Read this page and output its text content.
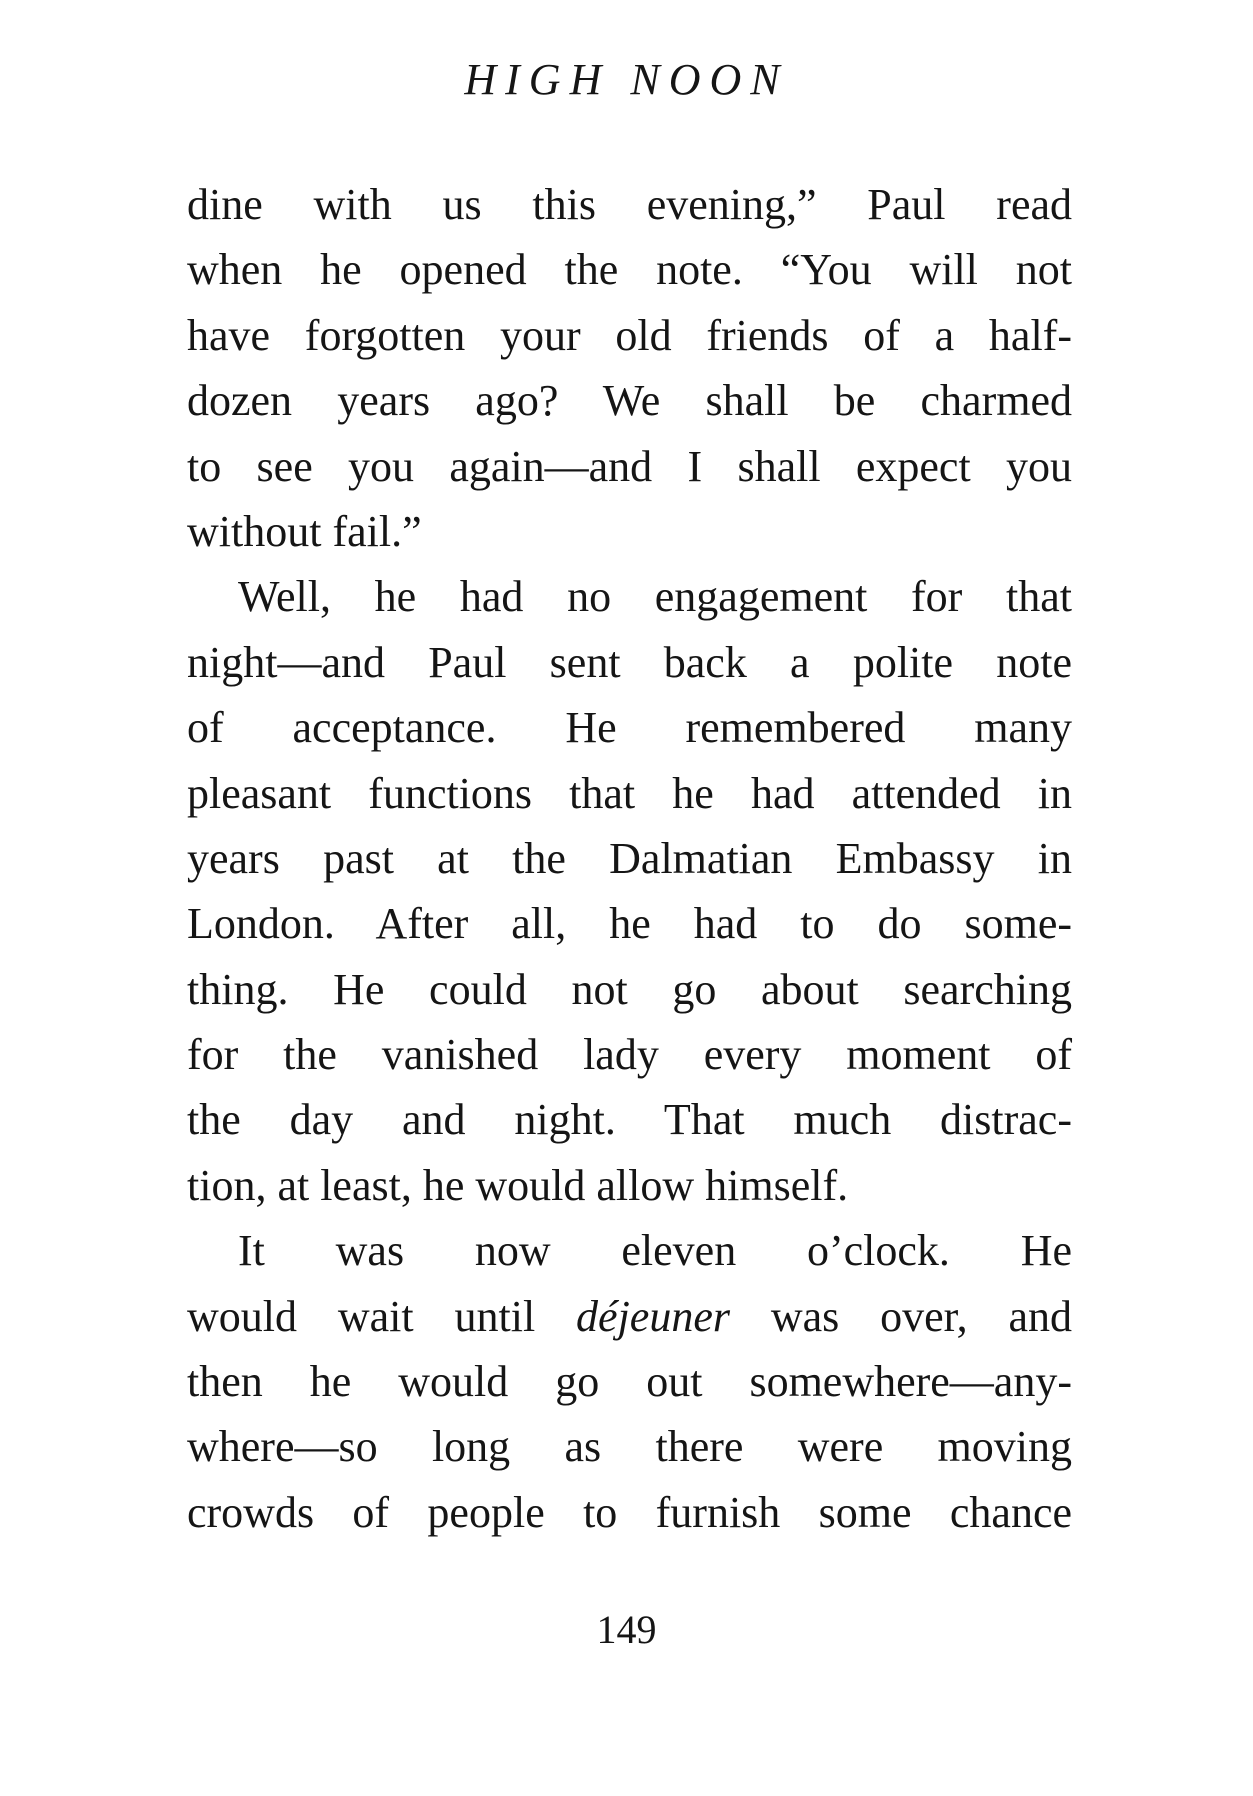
HIGH NOON
dine with us this evening,” Paul read
when he opened the note. “You will not
have forgotten your old friends of a half-
dozen years ago? We shall be charmed
to see you again—and I shall expect you
without fail.”
Well, he had no engagement for that
night—and Paul sent back a polite note
of acceptance. He remembered many
pleasant functions that he had attended in
years past at the Dalmatian Embassy in
London. After all, he had to do some-
thing. He could not go about searching
for the vanished lady every moment of
the day and night. That much distrac-
tion, at least, he would allow himself.
It was now eleven o’clock. He
would wait until déjeuner was over, and
then he would go out somewhere—any-
where—so long as there were moving
crowds of people to furnish some chance
149
